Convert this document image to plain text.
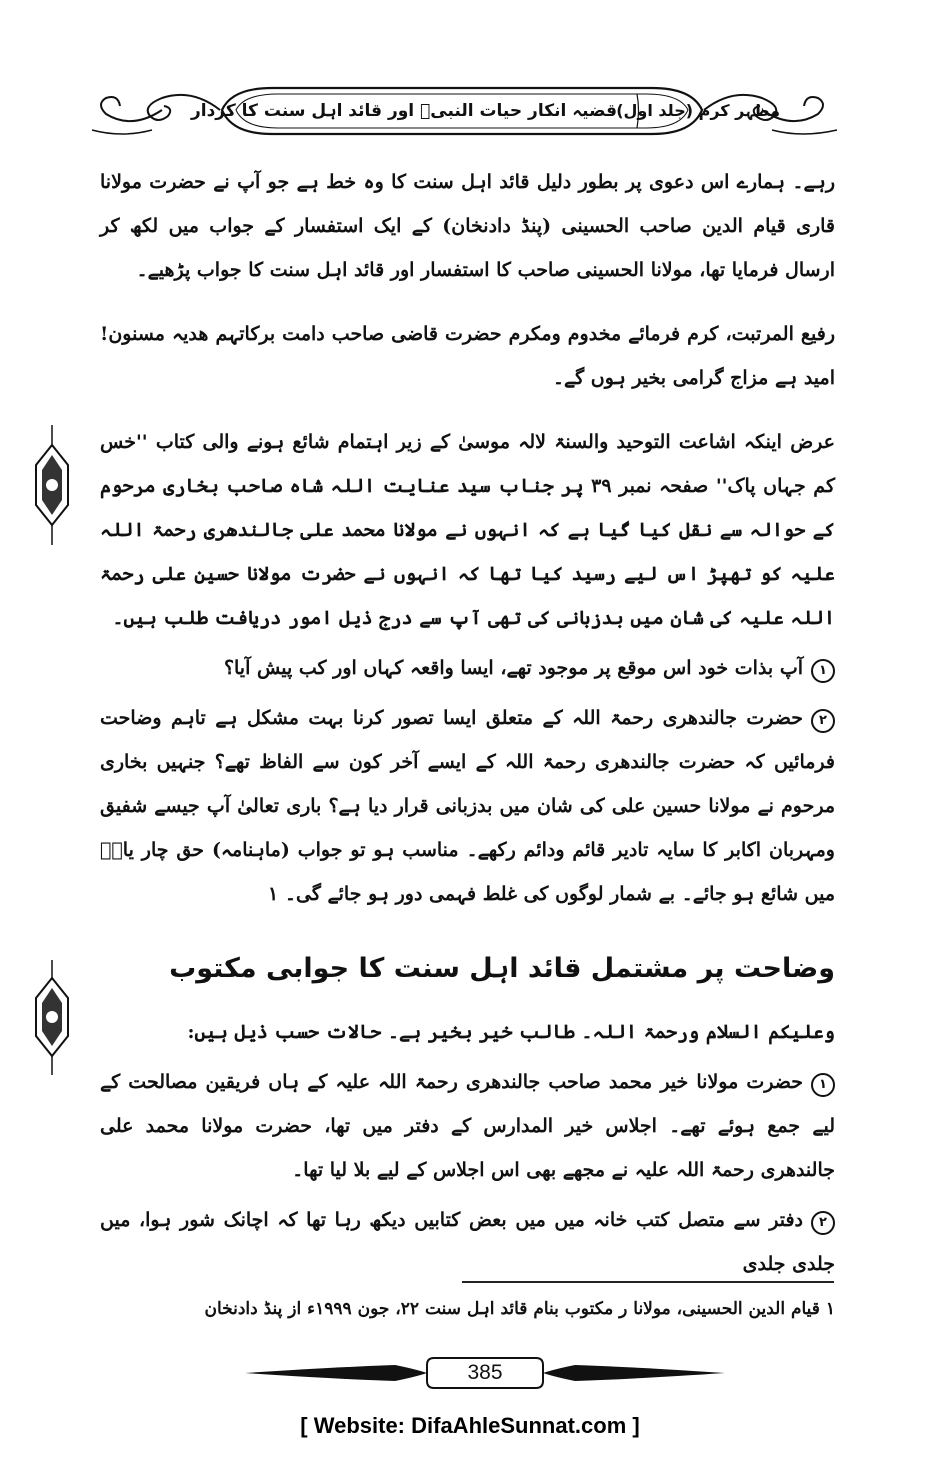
قضیہ انکار حیات النبیؐ اور قائد اہل سنت کا کردار مظہر کرم (جلد اول)

رہے۔ ہمارے اس دعوی پر بطور دلیل قائد اہل سنت کا وہ خط ہے جو آپ نے حضرت مولانا قاری قیام الدین صاحب الحسینی (پنڈ دادنخان) کے ایک استفسار کے جواب میں لکھ کر ارسال فرمایا تھا، مولانا الحسینی صاحب کا استفسار اور قائد اہل سنت کا جواب پڑھیے۔

رفیع المرتبت، کرم فرمائے مخدوم ومکرم حضرت قاضی صاحب دامت برکاتہم هدیہ مسنون! امید ہے مزاج گرامی بخیر ہوں گے۔

عرض اینکہ اشاعت التوحید والسنۃ لالہ موسیٰ کے زیر اہتمام شائع ہونے والی کتاب ''خس کم جہاں پاک'' صفحہ نمبر ۳۹ پر جناب سید عنایت اللہ شاہ صاحب بخاری مرحوم کے حوالہ سے نقل کیا گیا ہے کہ انہوں نے مولانا محمد علی جالندھری رحمۃ اللہ علیہ کو تھپڑ اس لیے رسید کیا تھا کہ انہوں نے حضرت مولانا حسین علی رحمۃ اللہ علیہ کی شان میں بدزبانی کی تھی آپ سے درج ذیل امور دریافت طلب ہیں۔

١آپ بذات خود اس موقع پر موجود تھے، ایسا واقعہ کہاں اور کب پیش آیا؟

٢حضرت جالندھری رحمۃ اللہ کے متعلق ایسا تصور کرنا بہت مشکل ہے تاہم وضاحت فرمائیں کہ حضرت جالندھری رحمۃ اللہ کے ایسے آخر کون سے الفاظ تھے؟ جنہیں بخاری مرحوم نے مولانا حسین علی کی شان میں بدزبانی قرار دیا ہے؟ باری تعالیٰ آپ جیسے شفیق ومہربان اکابر کا سایہ تادیر قائم ودائم رکھے۔ مناسب ہو تو جواب (ماہنامہ) حق چار یارؓ میں شائع ہو جائے۔ بے شمار لوگوں کی غلط فہمی دور ہو جائے گی۔ ١

وضاحت پر مشتمل قائد اہل سنت کا جوابی مکتوب

وعلیکم السلام ورحمۃ اللہ۔ طالب خیر بخیر ہے۔ حالات حسب ذیل ہیں:

١حضرت مولانا خیر محمد صاحب جالندھری رحمۃ اللہ علیہ کے ہاں فریقین مصالحت کے لیے جمع ہوئے تھے۔ اجلاس خیر المدارس کے دفتر میں تھا، حضرت مولانا محمد علی جالندھری رحمۃ اللہ علیہ نے مجھے بھی اس اجلاس کے لیے بلا لیا تھا۔

٢دفتر سے متصل کتب خانہ میں میں بعض کتابیں دیکھ رہا تھا کہ اچانک شور ہوا، میں جلدی جلدی

١ قیام الدین الحسینی، مولانا ر مکتوب بنام قائد اہل سنت ۲۲، جون ۱۹۹۹ء از پنڈ دادنخان
385
[ Website: DifaAhleSunnat.com ]
